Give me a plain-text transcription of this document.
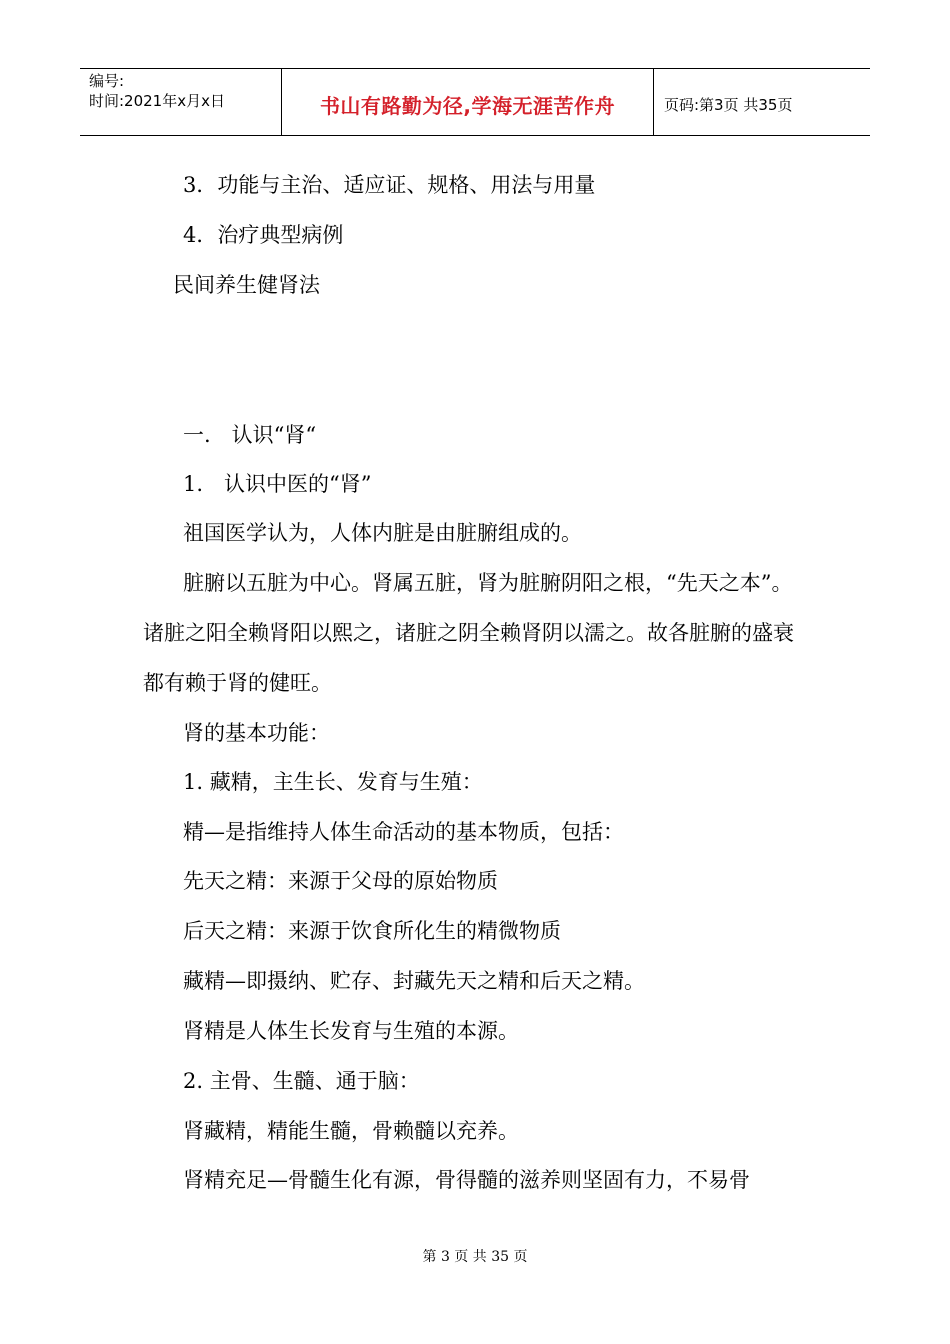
编号:
时间:2021年x月x日	书山有路勤为径,学海无涯苦作舟	页码:第3页 共35页
3．功能与主治、适应证、规格、用法与用量
4．治疗典型病例
民间养生健肾法
一.　认识“肾“
1.　认识中医的“肾”
祖国医学认为，人体内脏是由脏腑组成的。
脏腑以五脏为中心。肾属五脏，肾为脏腑阴阳之根，“先天之本”。诸脏之阳全赖肾阳以熙之，诸脏之阴全赖肾阴以濡之。故各脏腑的盛衰都有赖于肾的健旺。
肾的基本功能：
1. 藏精，主生长、发育与生殖：
精—是指维持人体生命活动的基本物质，包括：
先天之精：来源于父母的原始物质
后天之精：来源于饮食所化生的精微物质
藏精—即摄纳、贮存、封藏先天之精和后天之精。
肾精是人体生长发育与生殖的本源。
2. 主骨、生髓、通于脑：
肾藏精，精能生髓，骨赖髓以充养。
肾精充足—骨髓生化有源，骨得髓的滋养则坚固有力，不易骨
第 3 页 共 35 页
